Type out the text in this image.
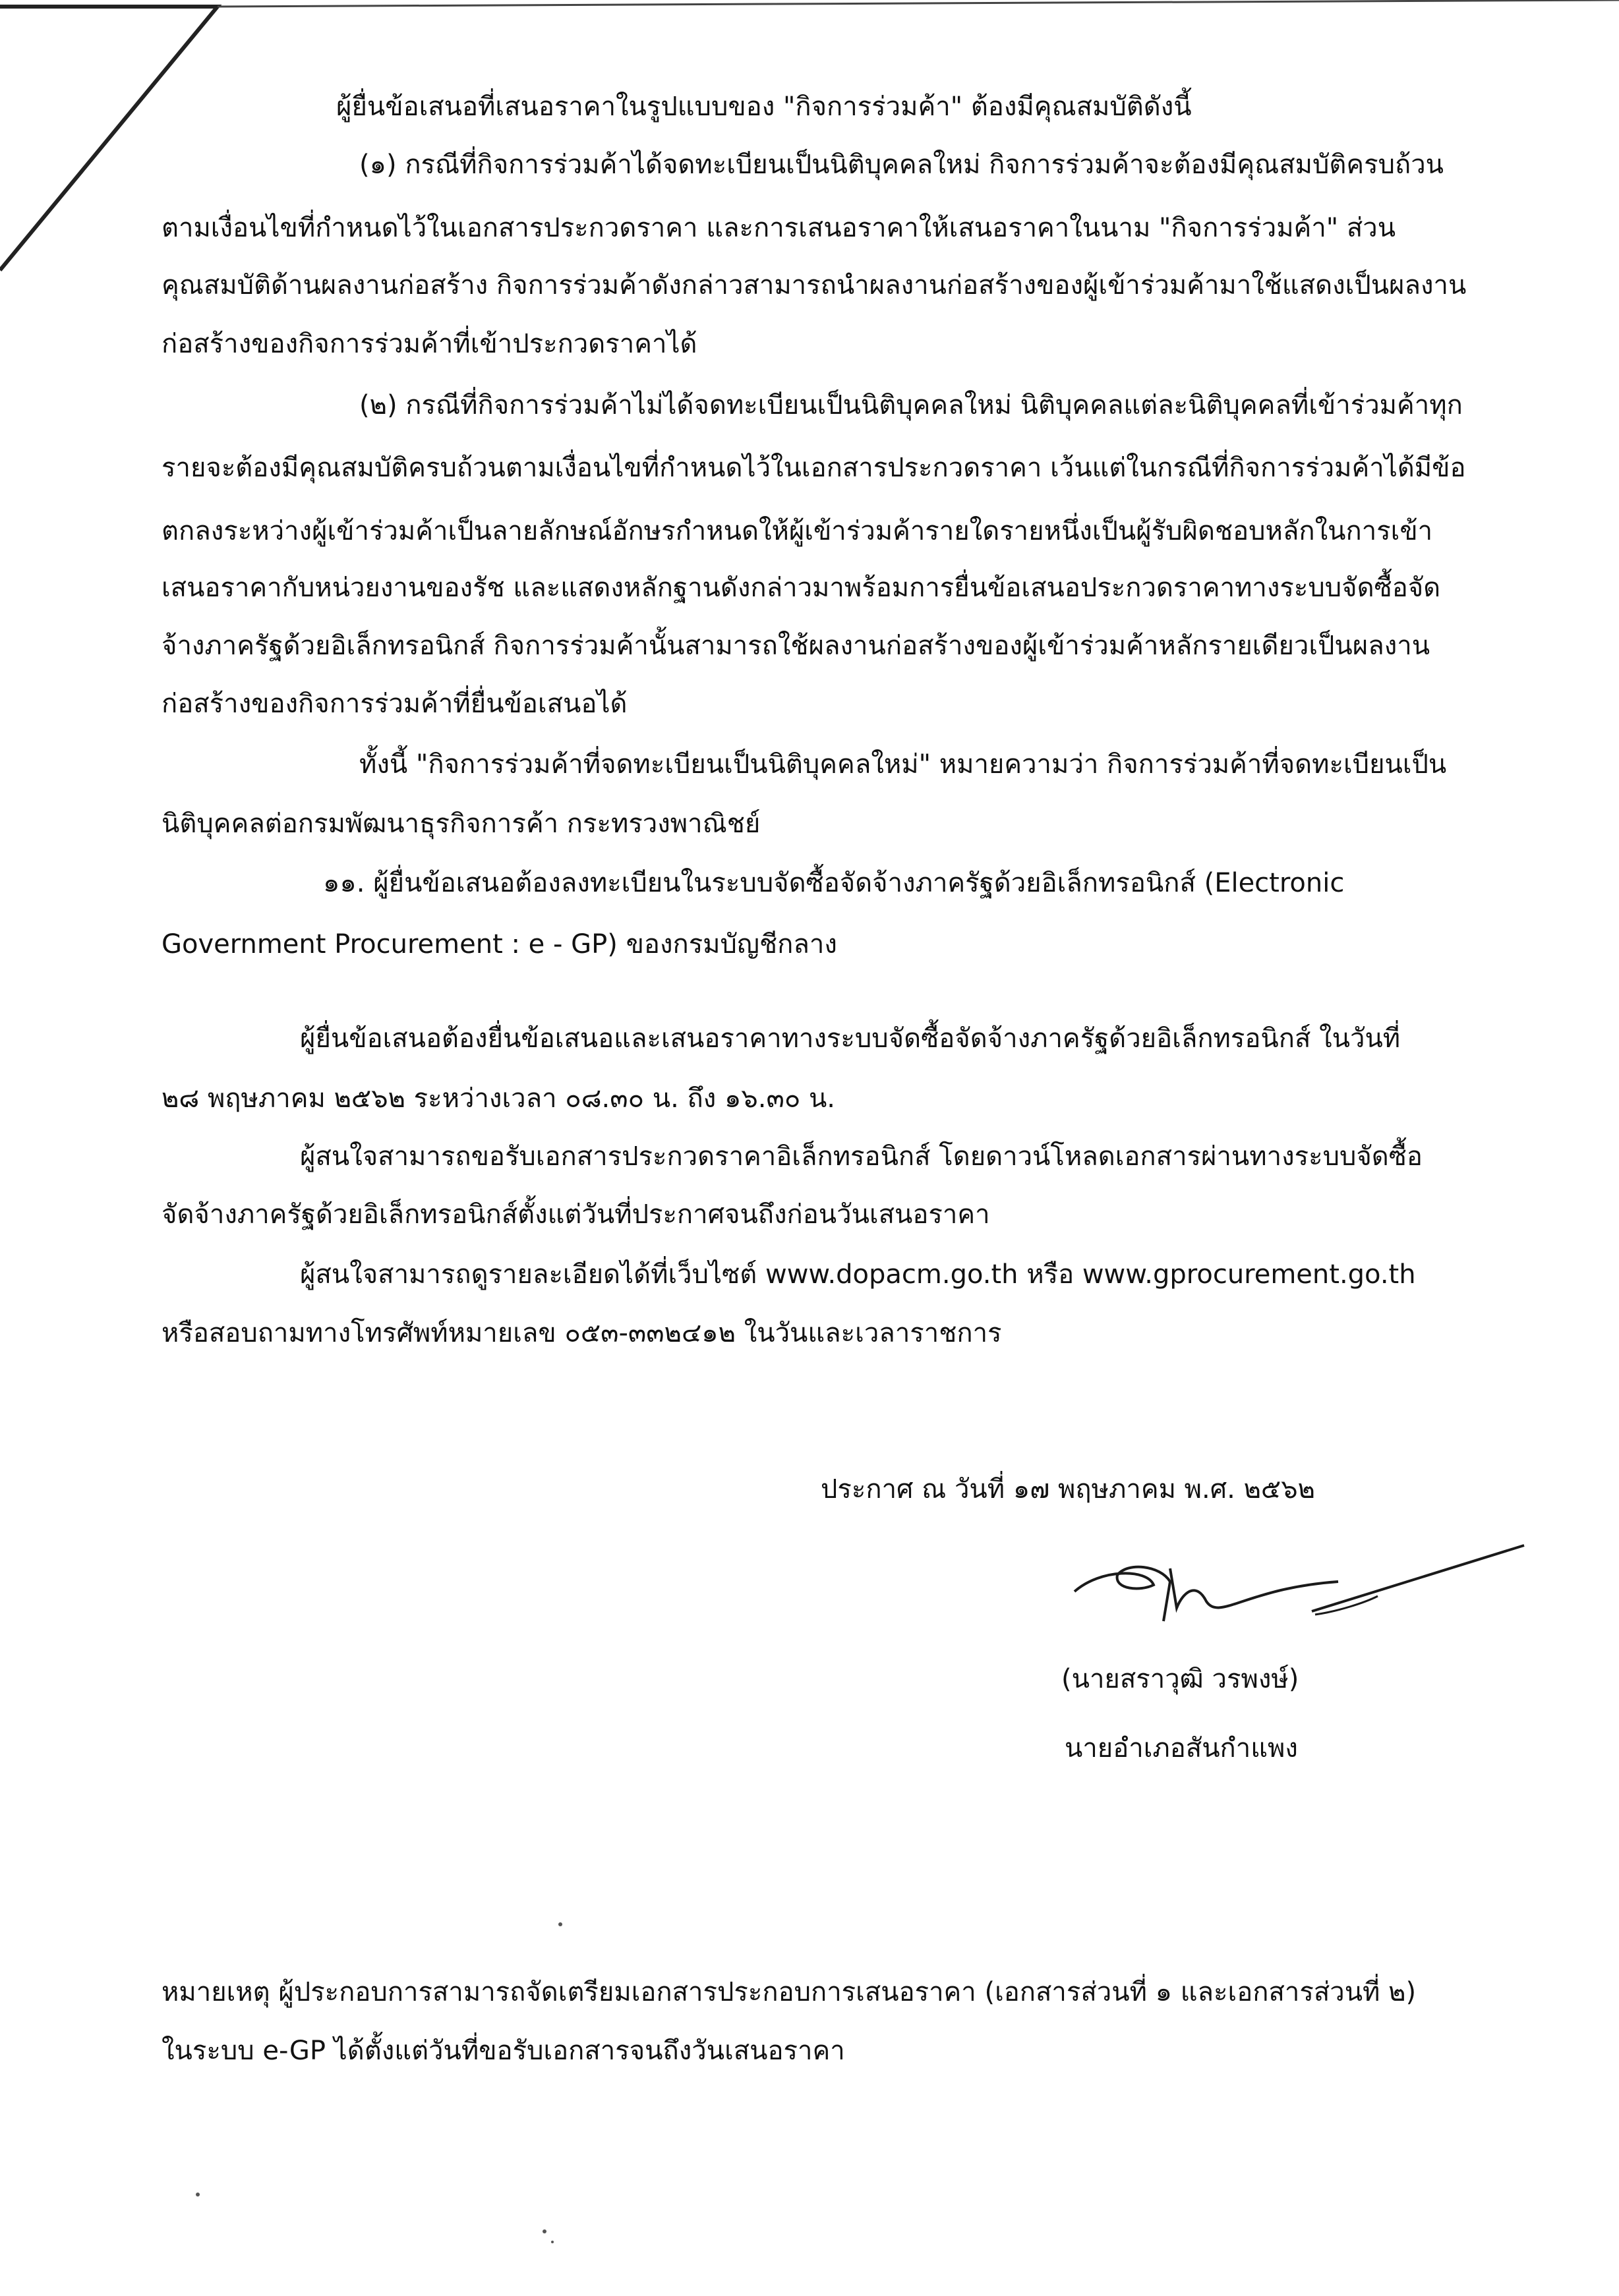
ผู้ยื่นข้อเสนอที่เสนอราคาในรูปแบบของ "กิจการร่วมค้า" ต้องมีคุณสมบัติดังนี้

(๑) กรณีที่กิจการร่วมค้าได้จดทะเบียนเป็นนิติบุคคลใหม่ กิจการร่วมค้าจะต้องมีคุณสมบัติครบถ้วน

ตามเงื่อนไขที่กำหนดไว้ในเอกสารประกวดราคา และการเสนอราคาให้เสนอราคาในนาม "กิจการร่วมค้า" ส่วน

คุณสมบัติด้านผลงานก่อสร้าง กิจการร่วมค้าดังกล่าวสามารถนำผลงานก่อสร้างของผู้เข้าร่วมค้ามาใช้แสดงเป็นผลงาน

ก่อสร้างของกิจการร่วมค้าที่เข้าประกวดราคาได้

(๒) กรณีที่กิจการร่วมค้าไม่ได้จดทะเบียนเป็นนิติบุคคลใหม่ นิติบุคคลแต่ละนิติบุคคลที่เข้าร่วมค้าทุก

รายจะต้องมีคุณสมบัติครบถ้วนตามเงื่อนไขที่กำหนดไว้ในเอกสารประกวดราคา เว้นแต่ในกรณีที่กิจการร่วมค้าได้มีข้อ

ตกลงระหว่างผู้เข้าร่วมค้าเป็นลายลักษณ์อักษรกำหนดให้ผู้เข้าร่วมค้ารายใดรายหนึ่งเป็นผู้รับผิดชอบหลักในการเข้า

เสนอราคากับหน่วยงานของรัช และแสดงหลักฐานดังกล่าวมาพร้อมการยื่นข้อเสนอประกวดราคาทางระบบจัดซื้อจัด

จ้างภาครัฐด้วยอิเล็กทรอนิกส์ กิจการร่วมค้านั้นสามารถใช้ผลงานก่อสร้างของผู้เข้าร่วมค้าหลักรายเดียวเป็นผลงาน

ก่อสร้างของกิจการร่วมค้าที่ยื่นข้อเสนอได้

ทั้งนี้ "กิจการร่วมค้าที่จดทะเบียนเป็นนิติบุคคลใหม่" หมายความว่า กิจการร่วมค้าที่จดทะเบียนเป็น

นิติบุคคลต่อกรมพัฒนาธุรกิจการค้า กระทรวงพาณิชย์

๑๑. ผู้ยื่นข้อเสนอต้องลงทะเบียนในระบบจัดซื้อจัดจ้างภาครัฐด้วยอิเล็กทรอนิกส์ (Electronic

Government Procurement : e - GP) ของกรมบัญชีกลาง

ผู้ยื่นข้อเสนอต้องยื่นข้อเสนอและเสนอราคาทางระบบจัดซื้อจัดจ้างภาครัฐด้วยอิเล็กทรอนิกส์ ในวันที่

๒๘ พฤษภาคม ๒๕๖๒ ระหว่างเวลา ๐๘.๓๐ น. ถึง ๑๖.๓๐ น.

ผู้สนใจสามารถขอรับเอกสารประกวดราคาอิเล็กทรอนิกส์ โดยดาวน์โหลดเอกสารผ่านทางระบบจัดซื้อ

จัดจ้างภาครัฐด้วยอิเล็กทรอนิกส์ตั้งแต่วันที่ประกาศจนถึงก่อนวันเสนอราคา

ผู้สนใจสามารถดูรายละเอียดได้ที่เว็บไซต์ www.dopacm.go.th หรือ www.gprocurement.go.th

หรือสอบถามทางโทรศัพท์หมายเลข ๐๕๓-๓๓๒๔๑๒ ในวันและเวลาราชการ

ประกาศ ณ วันที่ ๑๗ พฤษภาคม พ.ศ. ๒๕๖๒

(นายสราวุฒิ วรพงษ์)

นายอำเภอสันกำแพง

หมายเหตุ ผู้ประกอบการสามารถจัดเตรียมเอกสารประกอบการเสนอราคา (เอกสารส่วนที่ ๑ และเอกสารส่วนที่ ๒)

ในระบบ e-GP ได้ตั้งแต่วันที่ขอรับเอกสารจนถึงวันเสนอราคา
